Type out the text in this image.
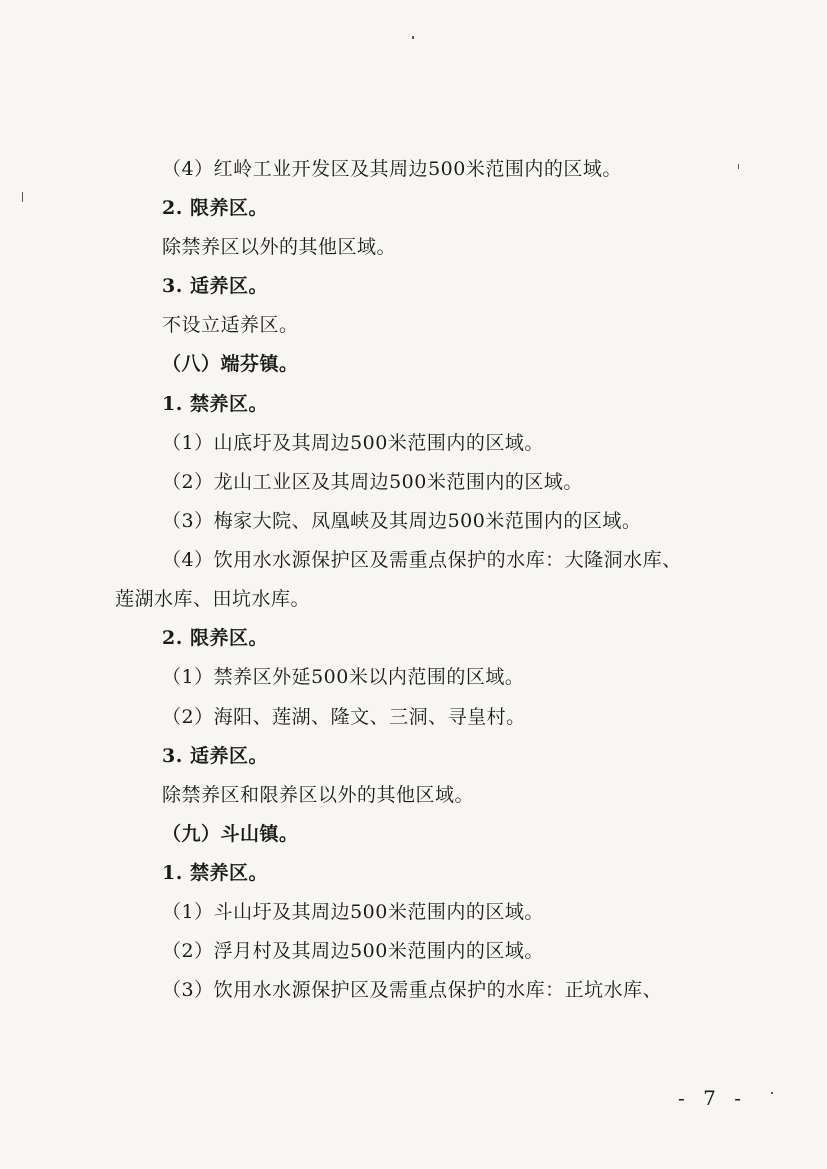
（4）红岭工业开发区及其周边500米范围内的区域。
2. 限养区。
除禁养区以外的其他区域。
3. 适养区。
不设立适养区。
（八）端芬镇。
1. 禁养区。
（1）山底圩及其周边500米范围内的区域。
（2）龙山工业区及其周边500米范围内的区域。
（3）梅家大院、凤凰峡及其周边500米范围内的区域。
（4）饮用水水源保护区及需重点保护的水库：大隆洞水库、
莲湖水库、田坑水库。
2. 限养区。
（1）禁养区外延500米以内范围的区域。
（2）海阳、莲湖、隆文、三洞、寻皇村。
3. 适养区。
除禁养区和限养区以外的其他区域。
（九）斗山镇。
1. 禁养区。
（1）斗山圩及其周边500米范围内的区域。
（2）浮月村及其周边500米范围内的区域。
（3）饮用水水源保护区及需重点保护的水库：正坑水库、
- 7 -
